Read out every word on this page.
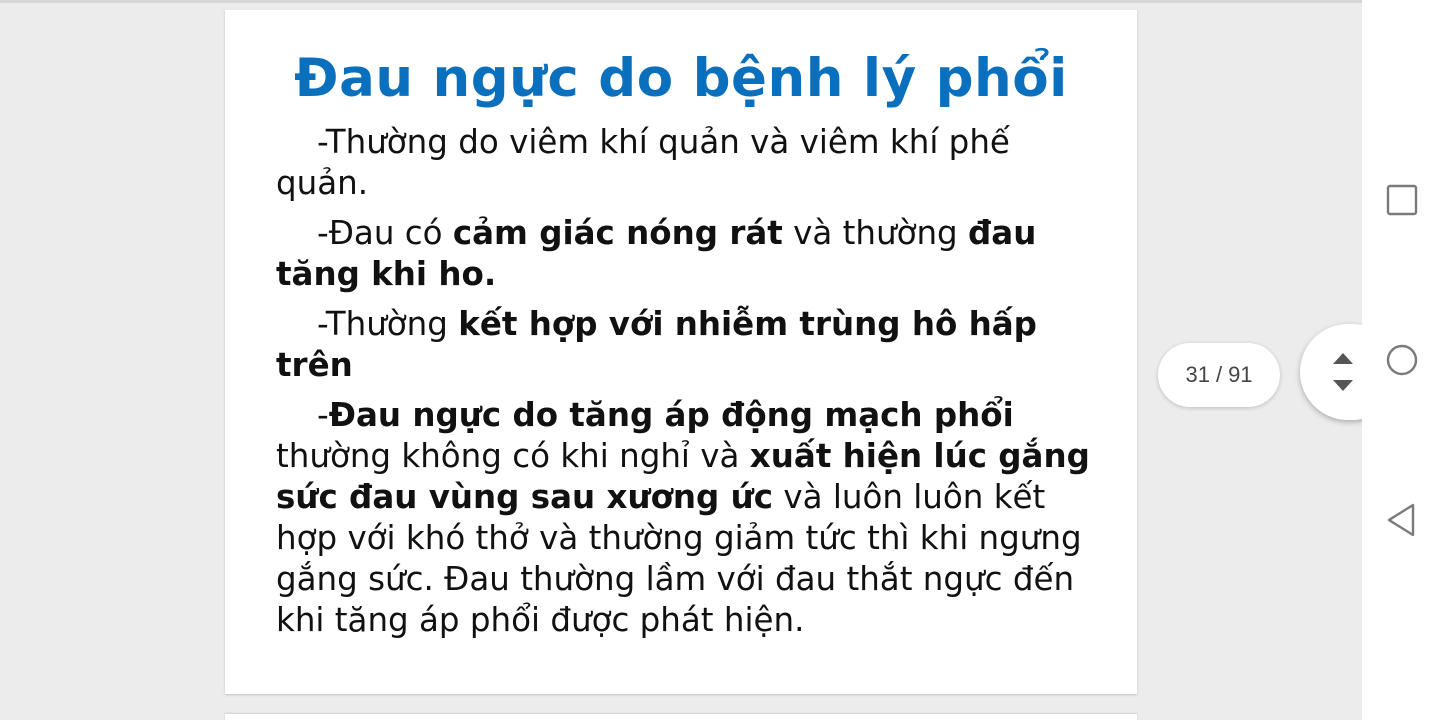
Đau ngực do bệnh lý phổi

-Thường do viêm khí quản và viêm khí phế quản.

-Đau có cảm giác nóng rát và thường đau tăng khi ho.

-Thường kết hợp với nhiễm trùng hô hấp trên

-Đau ngực do tăng áp động mạch phổi thường không có khi nghỉ và xuất hiện lúc gắng sức đau vùng sau xương ức và luôn luôn kết hợp với khó thở và thường giảm tức thì khi ngưng gắng sức. Đau thường lầm với đau thắt ngực đến khi tăng áp phổi được phát hiện.

31 / 91
